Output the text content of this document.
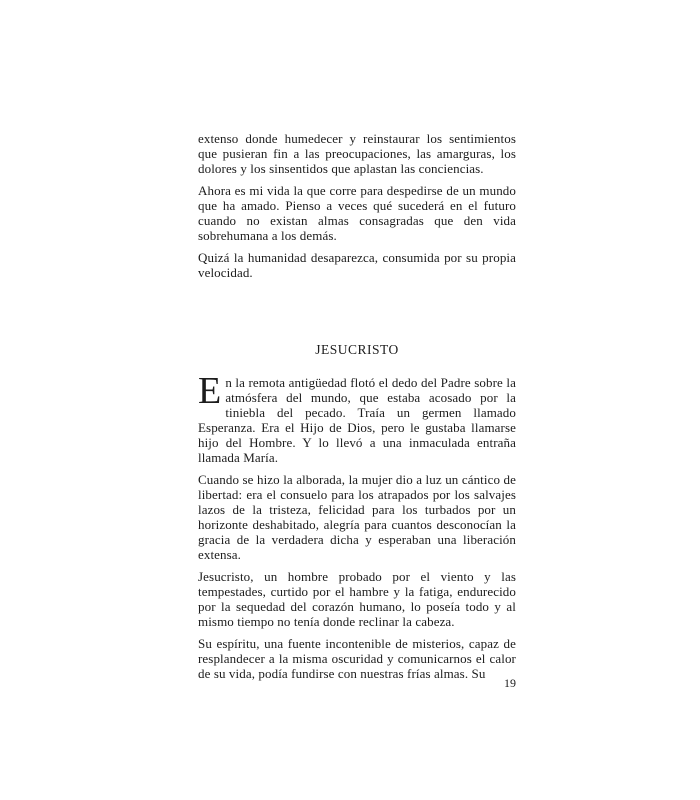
extenso donde humedecer y reinstaurar los sentimientos que pusieran fin a las preocupaciones, las amarguras, los dolores y los sinsentidos que aplastan las conciencias.

Ahora es mi vida la que corre para despedirse de un mundo que ha amado. Pienso a veces qué sucederá en el futuro cuando no existan almas consagradas que den vida sobrehumana a los demás.

Quizá la humanidad desaparezca, consumida por su propia velocidad.

JESUCRISTO

En la remota antigüedad flotó el dedo del Padre sobre la atmósfera del mundo, que estaba acosado por la tiniebla del pecado. Traía un germen llamado Esperanza. Era el Hijo de Dios, pero le gustaba llamarse hijo del Hombre. Y lo llevó a una inmaculada entraña llamada María.

Cuando se hizo la alborada, la mujer dio a luz un cántico de libertad: era el consuelo para los atrapados por los salvajes lazos de la tristeza, felicidad para los turbados por un horizonte deshabitado, alegría para cuantos desconocían la gracia de la verdadera dicha y esperaban una liberación extensa.

Jesucristo, un hombre probado por el viento y las tempestades, curtido por el hambre y la fatiga, endurecido por la sequedad del corazón humano, lo poseía todo y al mismo tiempo no tenía donde reclinar la cabeza.

Su espíritu, una fuente incontenible de misterios, capaz de resplandecer a la misma oscuridad y comunicarnos el calor de su vida, podía fundirse con nuestras frías almas. Su

19
